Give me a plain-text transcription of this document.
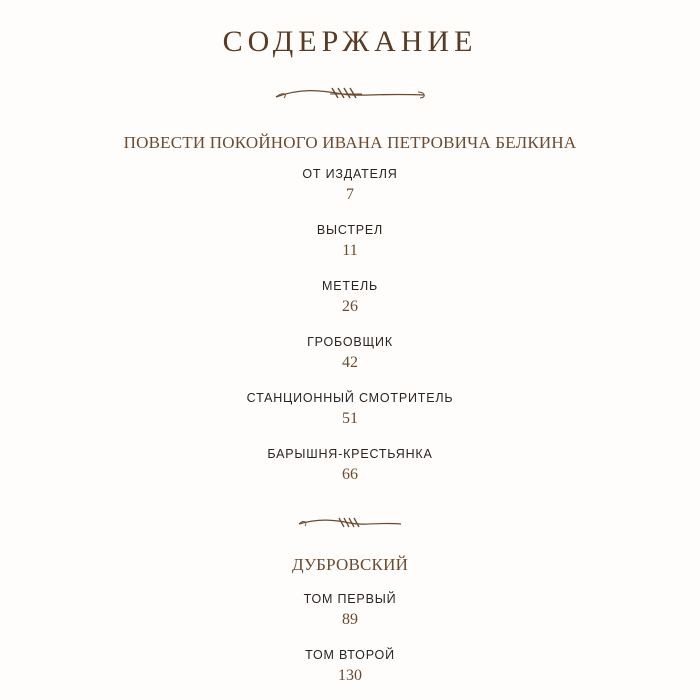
СОДЕРЖАНИЕ
ПОВЕСТИ ПОКОЙНОГО ИВАНА ПЕТРОВИЧА БЕЛКИНА
ОТ ИЗДАТЕЛЯ
7
ВЫСТРЕЛ
11
МЕТЕЛЬ
26
ГРОБОВЩИК
42
СТАНЦИОННЫЙ СМОТРИТЕЛЬ
51
БАРЫШНЯ-КРЕСТЬЯНКА
66
ДУБРОВСКИЙ
ТОМ ПЕРВЫЙ
89
ТОМ ВТОРОЙ
130
